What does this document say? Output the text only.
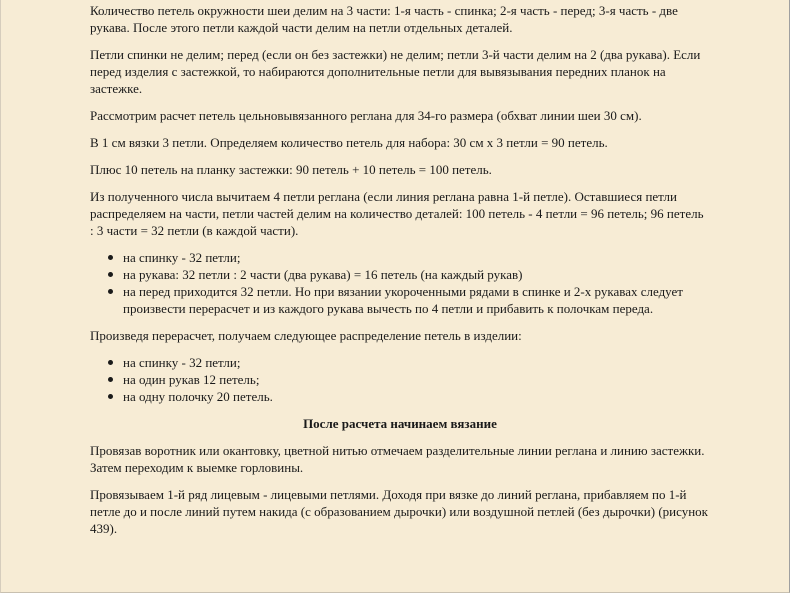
Количество петель окружности шеи делим на 3 части: 1-я часть - спинка; 2-я часть - перед; 3-я часть - две рукава. После этого петли каждой части делим на петли отдельных деталей.

Петли спинки не делим; перед (если он без застежки) не делим; петли 3-й части делим на 2 (два рукава). Если перед изделия с застежкой, то набираются дополнительные петли для вывязывания передних планок на застежке.

Рассмотрим расчет петель цельновывязанного реглана для 34-го размера (обхват линии шеи 30 см).

В 1 см вязки 3 петли. Определяем количество петель для набора: 30 см х 3 петли = 90 петель.

Плюс 10 петель на планку застежки: 90 петель + 10 петель = 100 петель.

Из полученного числа вычитаем 4 петли реглана (если линия реглана равна 1-й петле). Оставшиеся петли распределяем на части, петли частей делим на количество деталей: 100 петель - 4 петли = 96 петель; 96 петель : 3 части = 32 петли (в каждой части).

на спинку - 32 петли;
на рукава: 32 петли : 2 части (два рукава) = 16 петель (на каждый рукав)
на перед приходится 32 петли. Но при вязании укороченными рядами в спинке и 2-х рукавах следует произвести перерасчет и из каждого рукава вычесть по 4 петли и прибавить к полочкам переда.

Произведя перерасчет, получаем следующее распределение петель в изделии:

на спинку - 32 петли;
на один рукав 12 петель;
на одну полочку 20 петель.
После расчета начинаем вязание

Провязав воротник или окантовку, цветной нитью отмечаем разделительные линии реглана и линию застежки. Затем переходим к выемке горловины.

Провязываем 1-й ряд лицевым - лицевыми петлями. Доходя при вязке до линий реглана, прибавляем по 1-й петле до и после линий путем накида (с образованием дырочки) или воздушной петлей (без дырочки) (рисунок 439).
